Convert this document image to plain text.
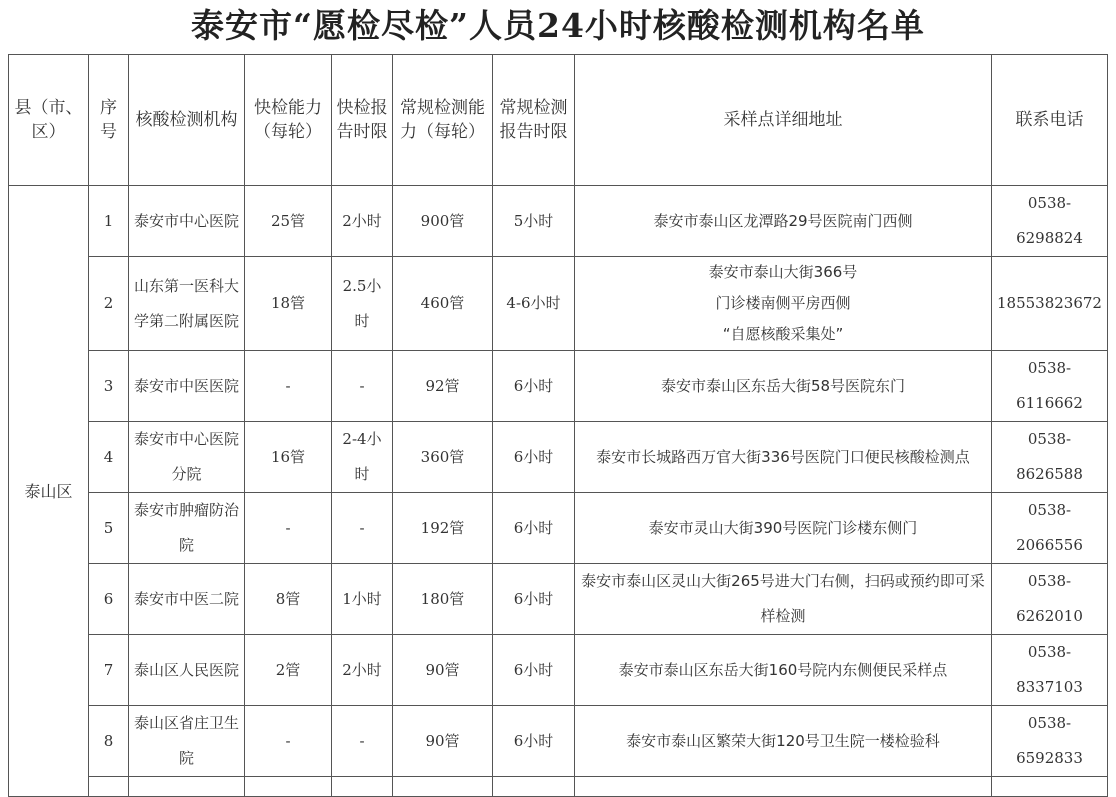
泰安市“愿检尽检”人员24小时核酸检测机构名单
县（市、区）	序号	核酸检测机构	快检能力（每轮）	快检报告时限	常规检测能力（每轮）	常规检测报告时限	采样点详细地址	联系电话
泰山区	1	泰安市中心医院	25管	2小时	900管	5小时	泰安市泰山区龙潭路29号医院南门西侧	0538-6298824
	2	山东第一医科大学第二附属医院	18管	2.5小时	460管	4-6小时	泰安市泰山大街366号
门诊楼南侧平房西侧
“自愿核酸采集处”	18553823672
	3	泰安市中医医院	-	-	92管	6小时	泰安市泰山区东岳大街58号医院东门	0538-6116662
	4	泰安市中心医院分院	16管	2-4小时	360管	6小时	泰安市长城路西万官大街336号医院门口便民核酸检测点	0538-8626588
	5	泰安市肿瘤防治院	-	-	192管	6小时	泰安市灵山大街390号医院门诊楼东侧门	0538-2066556
	6	泰安市中医二院	8管	1小时	180管	6小时	泰安市泰山区灵山大街265号进大门右侧，扫码或预约即可采样检测	0538-6262010
	7	泰山区人民医院	2管	2小时	90管	6小时	泰安市泰山区东岳大街160号院内东侧便民采样点	0538-8337103
	8	泰山区省庄卫生院	-	-	90管	6小时	泰安市泰山区繁荣大街120号卫生院一楼检验科	0538-6592833
